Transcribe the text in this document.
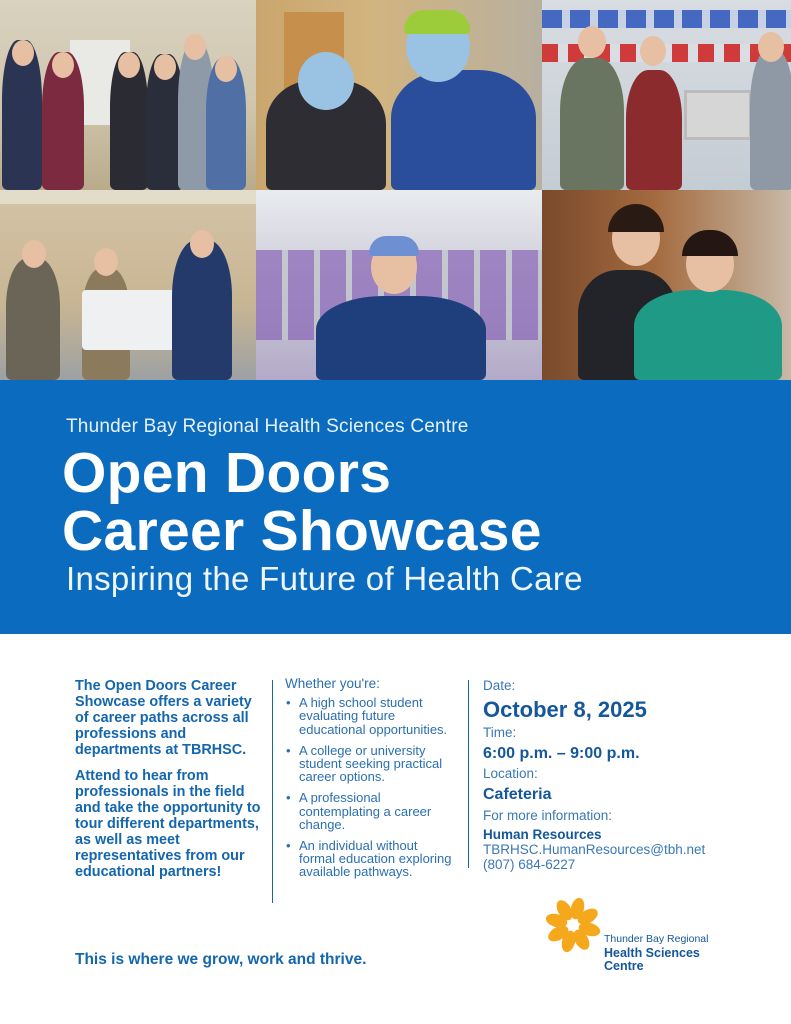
Thunder Bay Regional Health Sciences Centre
Open Doors
Career Showcase
Inspiring the Future of Health Care

The Open Doors Career Showcase offers a variety of career paths across all professions and departments at TBRHSC.

Attend to hear from professionals in the field and take the opportunity to tour different departments, as well as meet representatives from our educational partners!

Whether you're:
• A high school student evaluating future educational opportunities.
• A college or university student seeking practical career options.
• A professional contemplating a career change.
• An individual without formal education exploring available pathways.
Date:
October 8, 2025
Time:
6:00 p.m. – 9:00 p.m.
Location:
Cafeteria
For more information:
Human Resources
TBRHSC.HumanResources@tbh.net
(807) 684-6227
This is where we grow, work and thrive.
Thunder Bay Regional
Health Sciences
Centre
